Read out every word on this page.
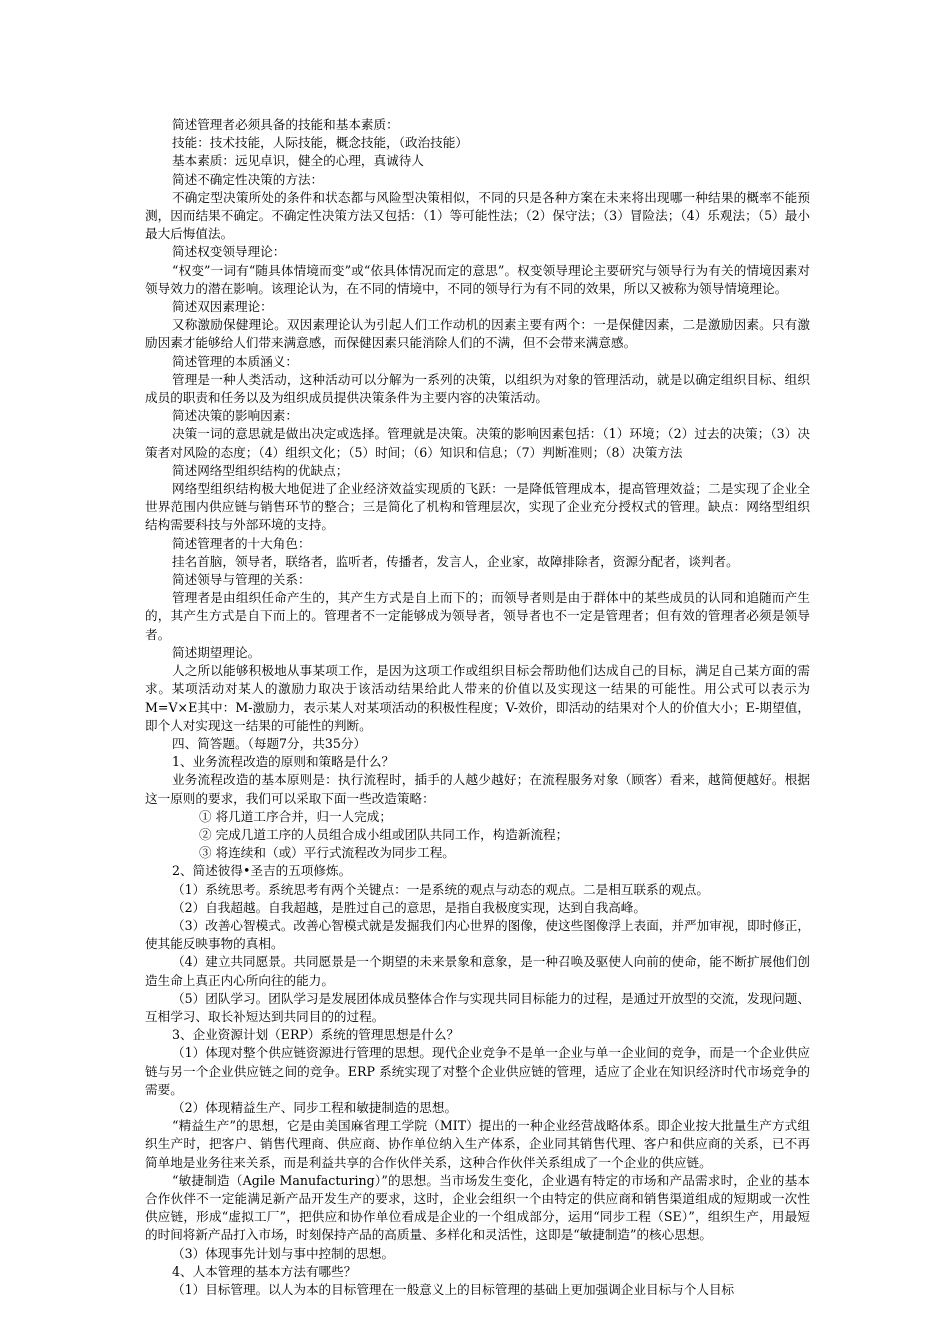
简述管理者必须具备的技能和基本素质：

技能：技术技能，人际技能，概念技能，（政治技能）

基本素质：远见卓识，健全的心理，真诚待人

简述不确定性决策的方法：

不确定型决策所处的条件和状态都与风险型决策相似，不同的只是各种方案在未来将出现哪一种结果的概率不能预测，因而结果不确定。不确定性决策方法又包括：（1）等可能性法；（2）保守法；（3）冒险法；（4）乐观法；（5）最小最大后悔值法。

简述权变领导理论：

“权变”一词有“随具体情境而变”或“依具体情况而定的意思”。权变领导理论主要研究与领导行为有关的情境因素对领导效力的潜在影响。该理论认为，在不同的情境中，不同的领导行为有不同的效果，所以又被称为领导情境理论。

简述双因素理论：

又称激励保健理论。双因素理论认为引起人们工作动机的因素主要有两个：一是保健因素，二是激励因素。只有激励因素才能够给人们带来满意感，而保健因素只能消除人们的不满，但不会带来满意感。

简述管理的本质涵义：

管理是一种人类活动，这种活动可以分解为一系列的决策，以组织为对象的管理活动，就是以确定组织目标、组织成员的职责和任务以及为组织成员提供决策条件为主要内容的决策活动。

简述决策的影响因素：

决策一词的意思就是做出决定或选择。管理就是决策。决策的影响因素包括：（1）环境；（2）过去的决策；（3）决策者对风险的态度；（4）组织文化；（5）时间；（6）知识和信息；（7）判断准则；（8）决策方法

简述网络型组织结构的优缺点；

网络型组织结构极大地促进了企业经济效益实现质的飞跃：一是降低管理成本，提高管理效益；二是实现了企业全世界范围内供应链与销售环节的整合；三是简化了机构和管理层次，实现了企业充分授权式的管理。缺点：网络型组织结构需要科技与外部环境的支持。

简述管理者的十大角色：

挂名首脑，领导者，联络者，监听者，传播者，发言人，企业家，故障排除者，资源分配者，谈判者。

简述领导与管理的关系：

管理者是由组织任命产生的，其产生方式是自上而下的；而领导者则是由于群体中的某些成员的认同和追随而产生的，其产生方式是自下而上的。管理者不一定能够成为领导者，领导者也不一定是管理者；但有效的管理者必须是领导者。

简述期望理论。

人之所以能够积极地从事某项工作，是因为这项工作或组织目标会帮助他们达成自己的目标，满足自己某方面的需求。某项活动对某人的激励力取决于该活动结果给此人带来的价值以及实现这一结果的可能性。用公式可以表示为M=V×E其中：M-激励力，表示某人对某项活动的积极性程度；V-效价，即活动的结果对个人的价值大小；E-期望值，即个人对实现这一结果的可能性的判断。

四、简答题。（每题7分，共35分）

1、业务流程改造的原则和策略是什么？

业务流程改造的基本原则是：执行流程时，插手的人越少越好；在流程服务对象（顾客）看来，越简便越好。根据这一原则的要求，我们可以采取下面一些改造策略：

① 将几道工序合并，归一人完成；

② 完成几道工序的人员组合成小组或团队共同工作，构造新流程；

③ 将连续和（或）平行式流程改为同步工程。

2、简述彼得•圣吉的五项修炼。

（1）系统思考。系统思考有两个关键点：一是系统的观点与动态的观点。二是相互联系的观点。

（2）自我超越。自我超越，是胜过自己的意思，是指自我极度实现，达到自我高峰。

（3）改善心智模式。改善心智模式就是发掘我们内心世界的图像，使这些图像浮上表面，并严加审视，即时修正，使其能反映事物的真相。

（4）建立共同愿景。共同愿景是一个期望的未来景象和意象，是一种召唤及驱使人向前的使命，能不断扩展他们创造生命上真正内心所向往的能力。

（5）团队学习。团队学习是发展团体成员整体合作与实现共同目标能力的过程，是通过开放型的交流，发现问题、互相学习、取长补短达到共同目的的过程。

3、企业资源计划（ERP）系统的管理思想是什么？

（1）体现对整个供应链资源进行管理的思想。现代企业竞争不是单一企业与单一企业间的竞争，而是一个企业供应链与另一个企业供应链之间的竞争。ERP 系统实现了对整个企业供应链的管理，适应了企业在知识经济时代市场竞争的需要。

（2）体现精益生产、同步工程和敏捷制造的思想。

“精益生产”的思想，它是由美国麻省理工学院（MIT）提出的一种企业经营战略体系。即企业按大批量生产方式组织生产时，把客户、销售代理商、供应商、协作单位纳入生产体系，企业同其销售代理、客户和供应商的关系，已不再简单地是业务往来关系，而是利益共享的合作伙伴关系，这种合作伙伴关系组成了一个企业的供应链。

“敏捷制造（Agile Manufacturing）”的思想。当市场发生变化，企业遇有特定的市场和产品需求时，企业的基本合作伙伴不一定能满足新产品开发生产的要求，这时，企业会组织一个由特定的供应商和销售渠道组成的短期或一次性供应链，形成“虚拟工厂”，把供应和协作单位看成是企业的一个组成部分，运用“同步工程（SE）”，组织生产，用最短的时间将新产品打入市场，时刻保持产品的高质量、多样化和灵活性，这即是“敏捷制造”的核心思想。

（3）体现事先计划与事中控制的思想。

4、人本管理的基本方法有哪些？

（1）目标管理。以人为本的目标管理在一般意义上的目标管理的基础上更加强调企业目标与个人目标
